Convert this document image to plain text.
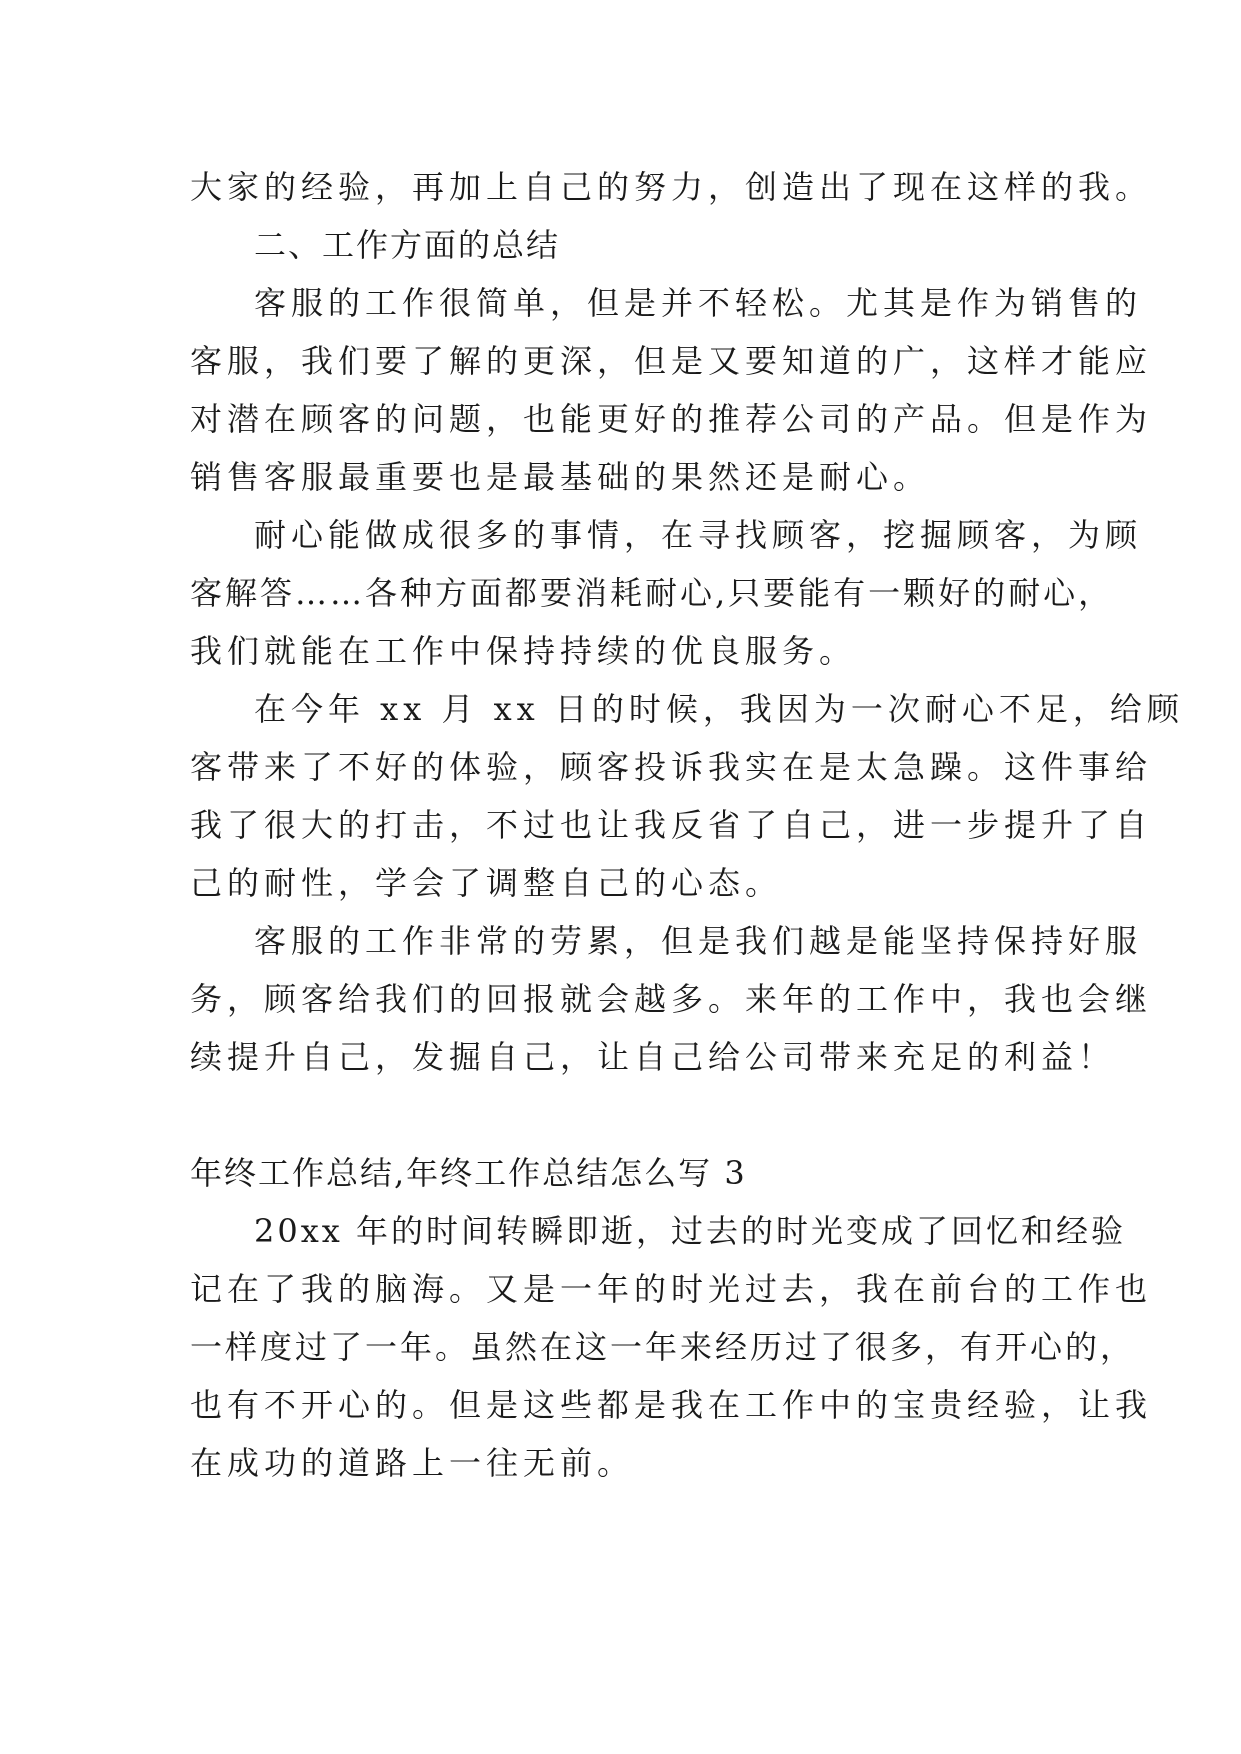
大家的经验，再加上自己的努力，创造出了现在这样的我。
二、工作方面的总结
客服的工作很简单，但是并不轻松。尤其是作为销售的
客服，我们要了解的更深，但是又要知道的广，这样才能应
对潜在顾客的问题，也能更好的推荐公司的产品。但是作为
销售客服最重要也是最基础的果然还是耐心。
耐心能做成很多的事情，在寻找顾客，挖掘顾客，为顾
客解答……各种方面都要消耗耐心,只要能有一颗好的耐心，
我们就能在工作中保持持续的优良服务。
在今年 xx 月 xx 日的时候，我因为一次耐心不足，给顾
客带来了不好的体验，顾客投诉我实在是太急躁。这件事给
我了很大的打击，不过也让我反省了自己，进一步提升了自
己的耐性，学会了调整自己的心态。
客服的工作非常的劳累，但是我们越是能坚持保持好服
务，顾客给我们的回报就会越多。来年的工作中，我也会继
续提升自己，发掘自己，让自己给公司带来充足的利益！
年终工作总结,年终工作总结怎么写 3
20xx 年的时间转瞬即逝，过去的时光变成了回忆和经验
记在了我的脑海。又是一年的时光过去，我在前台的工作也
一样度过了一年。虽然在这一年来经历过了很多，有开心的，
也有不开心的。但是这些都是我在工作中的宝贵经验，让我
在成功的道路上一往无前。
